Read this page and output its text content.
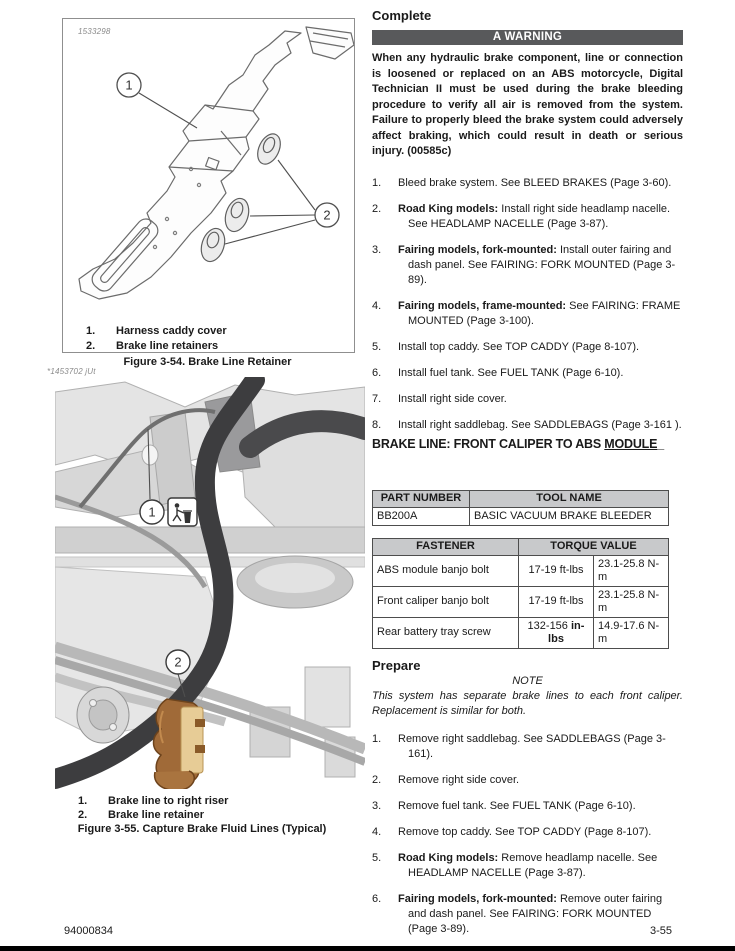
1
2
1533298
1. Harness caddy cover
2. Brake line retainers
Figure 3-54. Brake Line Retainer
*1453702 jUt
1
2
1. Brake line to right riser
2. Brake line retainer
Figure 3-55. Capture Brake Fluid Lines (Typical)
Complete
A WARNING

When any hydraulic brake component, line or connection is loosened or replaced on an ABS motorcycle, Digital Technician II must be used during the brake bleeding procedure to verify all air is removed from the system. Failure to properly bleed the brake system could adversely affect braking, which could result in death or serious injury. (00585c)

1.	Bleed brake system. See BLEED BRAKES (Page 3-60).
2.	Road King models: Install right side headlamp nacelle. See HEADLAMP NACELLE (Page 3-87).
3.	Fairing models, fork-mounted: Install outer fairing and dash panel. See FAIRING: FORK MOUNTED (Page 3-89).
4.	Fairing models, frame-mounted: See FAIRING: FRAME MOUNTED (Page 3-100).
5.	Install top caddy. See TOP CADDY (Page 8-107).
6.	Install fuel tank. See FUEL TANK (Page 6-10).
7.	Install right side cover.
8.	Install right saddlebag. See SADDLEBAGS (Page 3-161 ).
BRAKE LINE: FRONT CALIPER TO ABS MODULE_
PART NUMBER	TOOL NAME
BB200A	BASIC VACUUM BRAKE BLEEDER
FASTENER	TORQUE VALUE	
ABS module banjo bolt	17-19 ft-lbs	23.1-25.8 N-m
Front caliper banjo bolt	17-19 ft-lbs	23.1-25.8 N-m
Rear battery tray screw	132-156 in-lbs	14.9-17.6 N-m
Prepare
NOTE

This system has separate brake lines to each front caliper. Replacement is similar for both.

1.	Remove right saddlebag. See SADDLEBAGS (Page 3-161).
2.	Remove right side cover.
3.	Remove fuel tank. See FUEL TANK (Page 6-10).
4.	Remove top caddy. See TOP CADDY (Page 8-107).
5.	Road King models: Remove headlamp nacelle. See HEADLAMP NACELLE (Page 3-87).
6.	Fairing models, fork-mounted: Remove outer fairing and dash panel. See FAIRING: FORK MOUNTED (Page 3-89).
94000834	3-55
